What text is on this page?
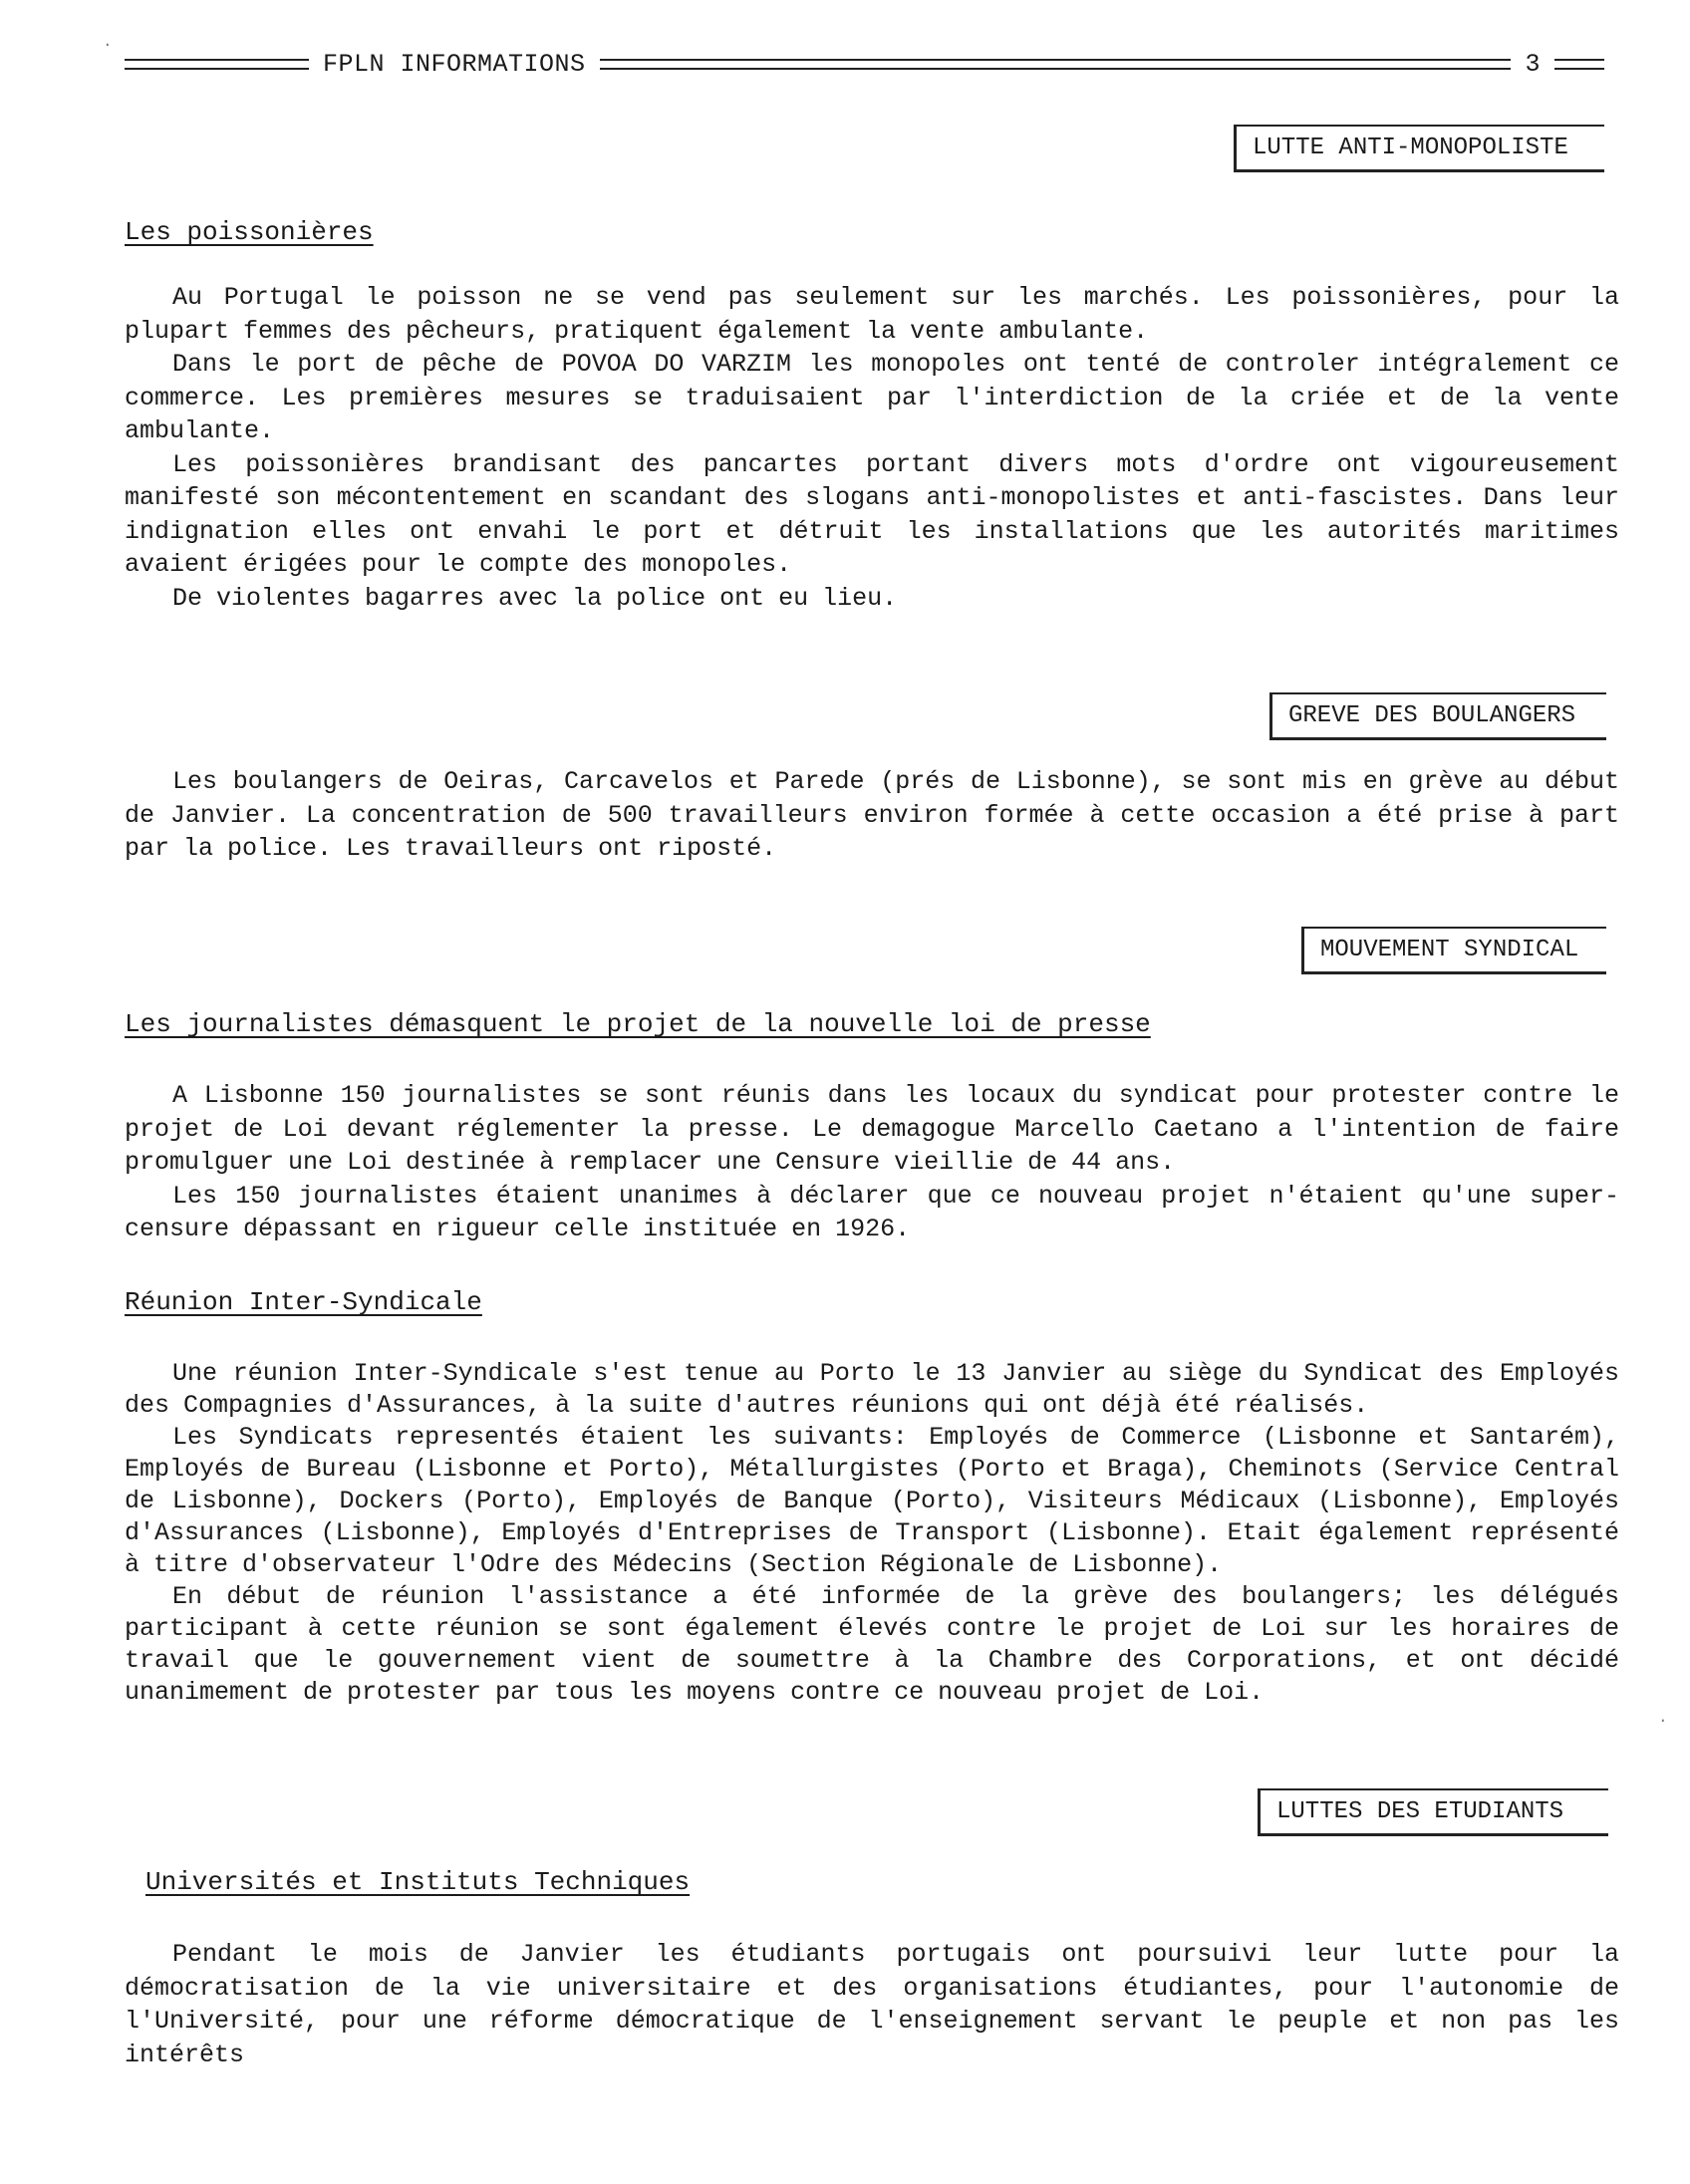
FPLN INFORMATIONS	3
LUTTE ANTI-MONOPOLISTE
Les poissonières

Au Portugal le poisson ne se vend pas seulement sur les marchés. Les poissonières, pour la plupart femmes des pêcheurs, pratiquent également la vente ambulante.

Dans le port de pêche de POVOA DO VARZIM les monopoles ont tenté de controler intégralement ce commerce. Les premières mesures se traduisaient par l'interdiction de la criée et de la vente ambulante.

Les poissonières brandisant des pancartes portant divers mots d'ordre ont vigoureusement manifesté son mécontentement en scandant des slogans anti-monopolistes et anti-fascistes. Dans leur indignation elles ont envahi le port et détruit les installations que les autorités maritimes avaient érigées pour le compte des monopoles.

De violentes bagarres avec la police ont eu lieu.

GREVE DES BOULANGERS

Les boulangers de Oeiras, Carcavelos et Parede (prés de Lisbonne), se sont mis en grève au début de Janvier. La concentration de 500 travailleurs environ formée à cette occasion a été prise à part par la police. Les travailleurs ont riposté.

MOUVEMENT SYNDICAL
Les journalistes démasquent le projet de la nouvelle loi de presse

A Lisbonne 150 journalistes se sont réunis dans les locaux du syndicat pour protester contre le projet de Loi devant réglementer la presse. Le demagogue Marcello Caetano a l'intention de faire promulguer une Loi destinée à remplacer une Censure vieillie de 44 ans.

Les 150 journalistes étaient unanimes à déclarer que ce nouveau projet n'étaient qu'une super-censure dépassant en rigueur celle instituée en 1926.

Réunion Inter-Syndicale

Une réunion Inter-Syndicale s'est tenue au Porto le 13 Janvier au siège du Syndicat des Employés des Compagnies d'Assurances, à la suite d'autres réunions qui ont déjà été réalisés.

Les Syndicats representés étaient les suivants: Employés de Commerce (Lisbonne et Santarém), Employés de Bureau (Lisbonne et Porto), Métallurgistes (Porto et Braga), Cheminots (Service Central de Lisbonne), Dockers (Porto), Employés de Banque (Porto), Visiteurs Médicaux (Lisbonne), Employés d'Assurances (Lisbonne), Employés d'Entreprises de Transport (Lisbonne). Etait également représenté à titre d'observateur l'Odre des Médecins (Section Régionale de Lisbonne).

En début de réunion l'assistance a été informée de la grève des boulangers; les délégués participant à cette réunion se sont également élevés contre le projet de Loi sur les horaires de travail que le gouvernement vient de soumettre à la Chambre des Corporations, et ont décidé unanimement de protester par tous les moyens contre ce nouveau projet de Loi.

LUTTES DES ETUDIANTS
Universités et Instituts Techniques

Pendant le mois de Janvier les étudiants portugais ont poursuivi leur lutte pour la démocratisation de la vie universitaire et des organisations étudiantes, pour l'autonomie de l'Université, pour une réforme démocratique de l'enseignement servant le peuple et non pas les intérêts

·
·
